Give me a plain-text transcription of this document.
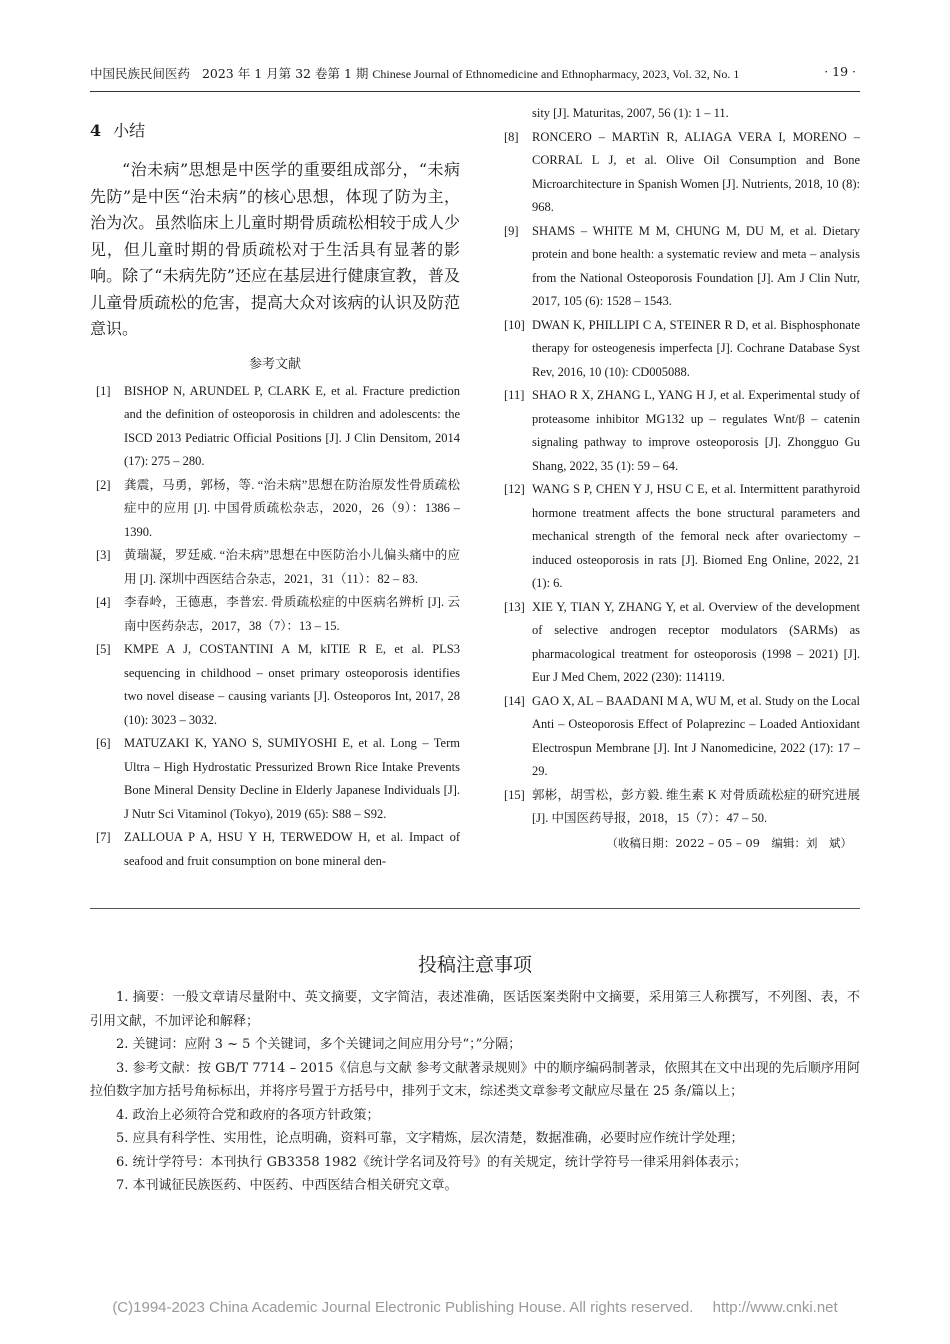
中国民族民间医药 2023 年 1 月第 32 卷第 1 期 Chinese Journal of Ethnomedicine and Ethnopharmacy, 2023, Vol. 32, No. 1	· 19 ·
4 小结

“治未病”思想是中医学的重要组成部分，“未病先防”是中医“治未病”的核心思想，体现了防为主，治为次。虽然临床上儿童时期骨质疏松相较于成人少见，但儿童时期的骨质疏松对于生活具有显著的影响。除了“未病先防”还应在基层进行健康宣教，普及儿童骨质疏松的危害，提高大众对该病的认识及防范意识。

参考文献
[1] BISHOP N, ARUNDEL P, CLARK E, et al. Fracture prediction and the definition of osteoporosis in children and adolescents: the ISCD 2013 Pediatric Official Positions [J]. J Clin Densitom, 2014 (17): 275 – 280.
[2] 龚震，马勇，郭杨，等. “治未病”思想在防治原发性骨质疏松症中的应用 [J]. 中国骨质疏松杂志，2020，26（9）：1386 – 1390.
[3] 黄瑞凝，罗廷威. “治未病”思想在中医防治小儿偏头痛中的应用 [J]. 深圳中西医结合杂志，2021，31（11）：82 – 83.
[4] 李春岭，王德惠，李普宏. 骨质疏松症的中医病名辨析 [J]. 云南中医药杂志，2017，38（7）：13 – 15.
[5] KMPE A J, COSTANTINI A M, kITIE R E, et al. PLS3 sequencing in childhood – onset primary osteoporosis identifies two novel disease – causing variants [J]. Osteoporos Int, 2017, 28 (10): 3023 – 3032.
[6] MATUZAKI K, YANO S, SUMIYOSHI E, et al. Long – Term Ultra – High Hydrostatic Pressurized Brown Rice Intake Prevents Bone Mineral Density Decline in Elderly Japanese Individuals [J]. J Nutr Sci Vitaminol (Tokyo), 2019 (65): S88 – S92.
[7] ZALLOUA P A, HSU Y H, TERWEDOW H, et al. Impact of seafood and fruit consumption on bone mineral den-
sity [J]. Maturitas, 2007, 56 (1): 1 – 11.
[8] RONCERO – MARTiN R, ALIAGA VERA I, MORENO – CORRAL L J, et al. Olive Oil Consumption and Bone Microarchitecture in Spanish Women [J]. Nutrients, 2018, 10 (8): 968.
[9] SHAMS – WHITE M M, CHUNG M, DU M, et al. Dietary protein and bone health: a systematic review and meta – analysis from the National Osteoporosis Foundation [J]. Am J Clin Nutr, 2017, 105 (6): 1528 – 1543.
[10] DWAN K, PHILLIPI C A, STEINER R D, et al. Bisphosphonate therapy for osteogenesis imperfecta [J]. Cochrane Database Syst Rev, 2016, 10 (10): CD005088.
[11] SHAO R X, ZHANG L, YANG H J, et al. Experimental study of proteasome inhibitor MG132 up – regulates Wnt/β – catenin signaling pathway to improve osteoporosis [J]. Zhongguo Gu Shang, 2022, 35 (1): 59 – 64.
[12] WANG S P, CHEN Y J, HSU C E, et al. Intermittent parathyroid hormone treatment affects the bone structural parameters and mechanical strength of the femoral neck after ovariectomy – induced osteoporosis in rats [J]. Biomed Eng Online, 2022, 21 (1): 6.
[13] XIE Y, TIAN Y, ZHANG Y, et al. Overview of the development of selective androgen receptor modulators (SARMs) as pharmacological treatment for osteoporosis (1998 – 2021) [J]. Eur J Med Chem, 2022 (230): 114119.
[14] GAO X, AL – BAADANI M A, WU M, et al. Study on the Local Anti – Osteoporosis Effect of Polaprezinc – Loaded Antioxidant Electrospun Membrane [J]. Int J Nanomedicine, 2022 (17): 17 – 29.
[15] 郭彬，胡雪松，彭方毅. 维生素 K 对骨质疏松症的研究进展 [J]. 中国医药导报，2018，15（7）：47 – 50.
（收稿日期：2022 – 05 – 09　编辑：刘　斌）
投稿注意事项

1. 摘要：一般文章请尽量附中、英文摘要，文字简洁，表述准确，医话医案类附中文摘要，采用第三人称撰写，不列图、表，不引用文献，不加评论和解释；

2. 关键词：应附 3 ~ 5 个关键词，多个关键词之间应用分号“；”分隔；

3. 参考文献：按 GB/T 7714 – 2015《信息与文献 参考文献著录规则》中的顺序编码制著录，依照其在文中出现的先后顺序用阿拉伯数字加方括号角标标出，并将序号置于方括号中，排列于文末，综述类文章参考文献应尽量在 25 条/篇以上；

4. 政治上必须符合党和政府的各项方针政策；

5. 应具有科学性、实用性，论点明确，资料可靠，文字精炼，层次清楚，数据准确，必要时应作统计学处理；

6. 统计学符号：本刊执行 GB3358 1982《统计学名词及符号》的有关规定，统计学符号一律采用斜体表示；

7. 本刊诚征民族医药、中医药、中西医结合相关研究文章。

(C)1994-2023 China Academic Journal Electronic Publishing House. All rights reserved.　 http://www.cnki.net
